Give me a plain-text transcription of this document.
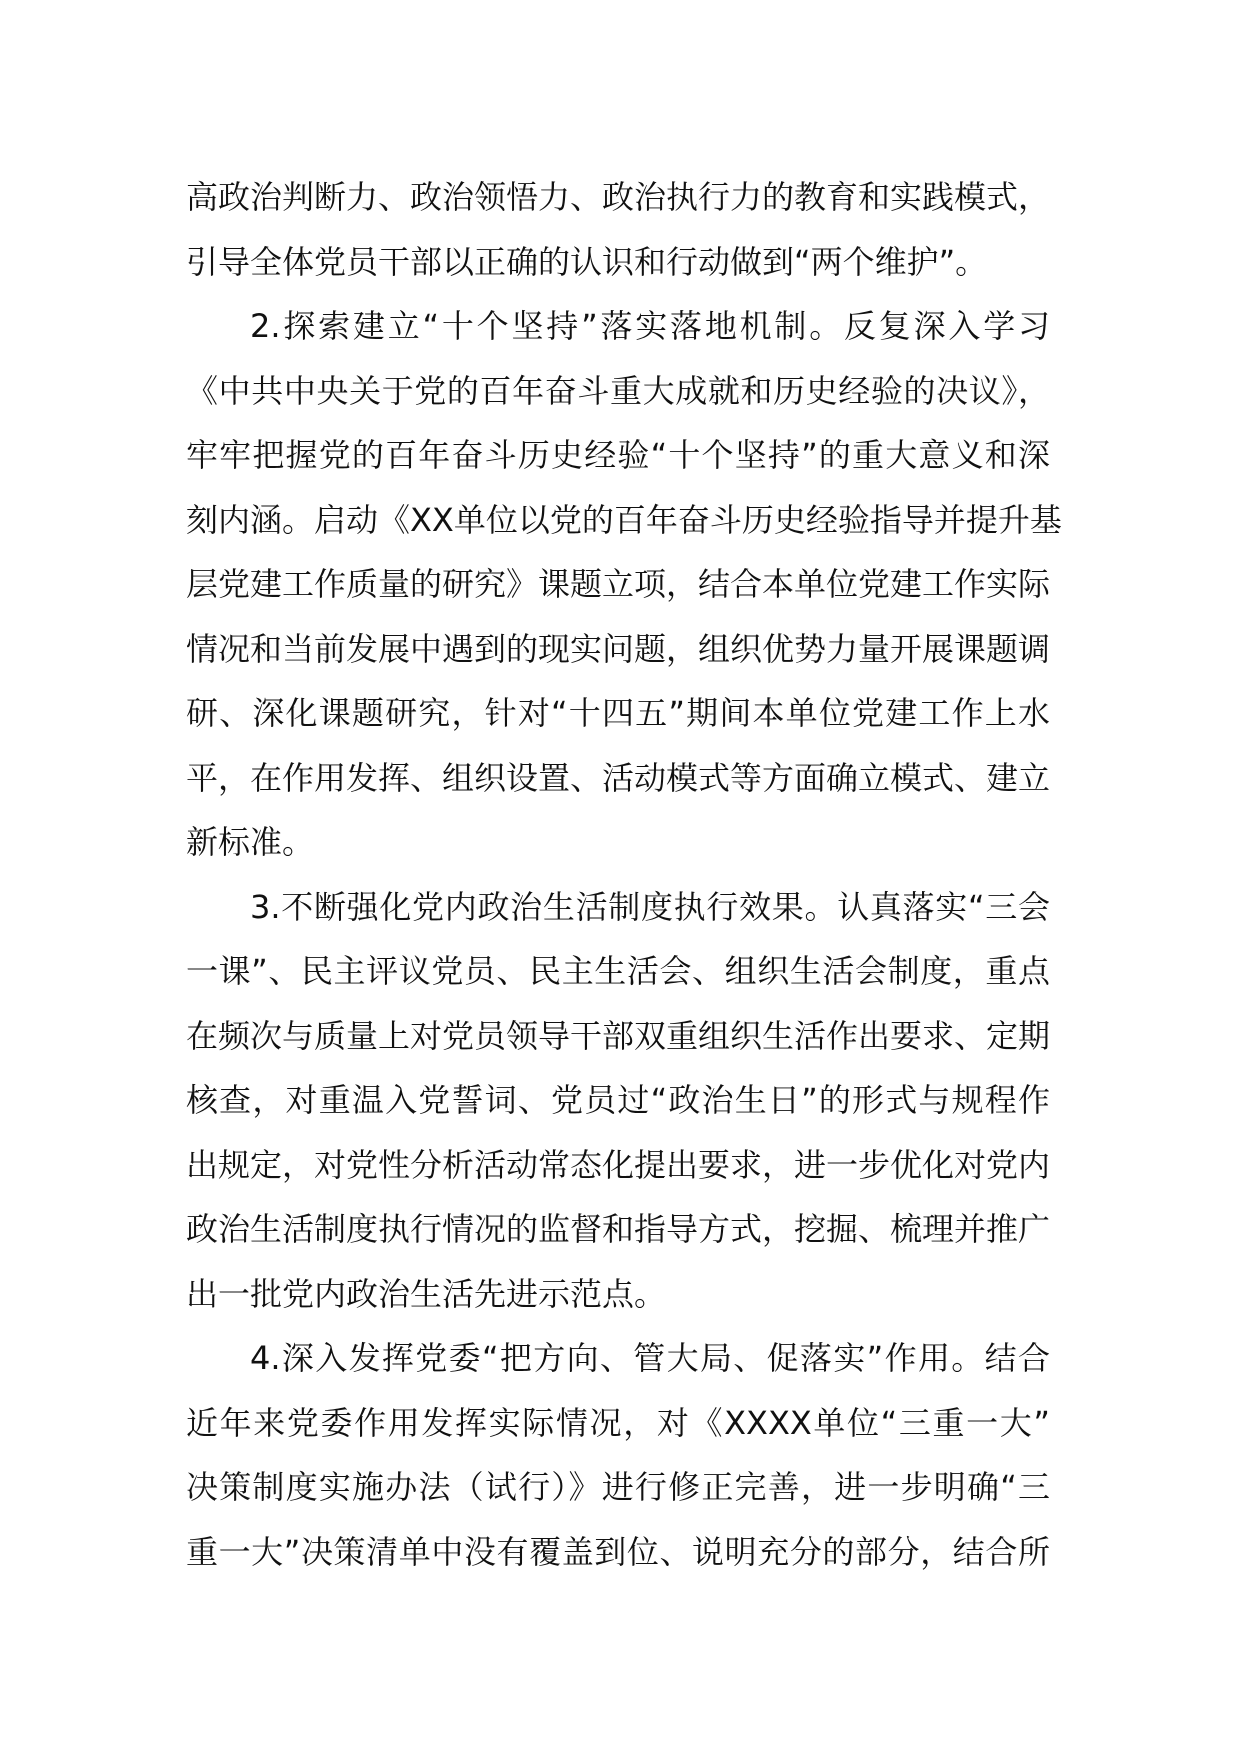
高政治判断力、政治领悟力、政治执行力的教育和实践模式，
引导全体党员干部以正确的认识和行动做到“两个维护”。
2.探索建立“十个坚持”落实落地机制。反复深入学习
《中共中央关于党的百年奋斗重大成就和历史经验的决议》，
牢牢把握党的百年奋斗历史经验“十个坚持”的重大意义和深
刻内涵。启动《XX单位以党的百年奋斗历史经验指导并提升基
层党建工作质量的研究》课题立项，结合本单位党建工作实际
情况和当前发展中遇到的现实问题，组织优势力量开展课题调
研、深化课题研究，针对“十四五”期间本单位党建工作上水
平，在作用发挥、组织设置、活动模式等方面确立模式、建立
新标准。
3.不断强化党内政治生活制度执行效果。认真落实“三会
一课”、民主评议党员、民主生活会、组织生活会制度，重点
在频次与质量上对党员领导干部双重组织生活作出要求、定期
核查，对重温入党誓词、党员过“政治生日”的形式与规程作
出规定，对党性分析活动常态化提出要求，进一步优化对党内
政治生活制度执行情况的监督和指导方式，挖掘、梳理并推广
出一批党内政治生活先进示范点。
4.深入发挥党委“把方向、管大局、促落实”作用。结合
近年来党委作用发挥实际情况，对《XXXX单位“三重一大”
决策制度实施办法（试行）》进行修正完善，进一步明确“三
重一大”决策清单中没有覆盖到位、说明充分的部分，结合所
